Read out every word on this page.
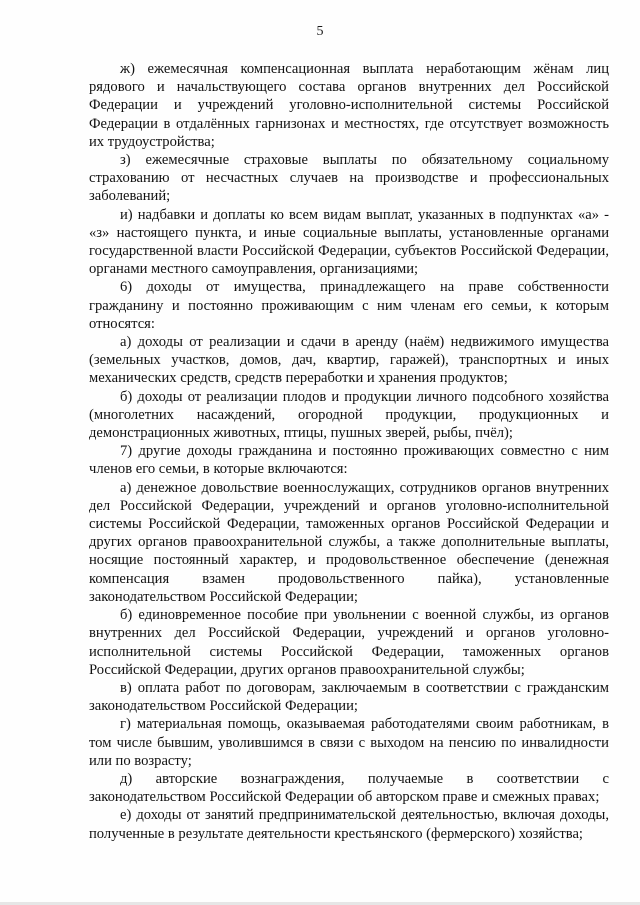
5

ж) ежемесячная компенсационная выплата неработающим жёнам лиц рядового и начальствующего состава органов внутренних дел Российской Федерации и учреждений уголовно-исполнительной системы Российской Федерации в отдалённых гарнизонах и местностях, где отсутствует возможность их трудоустройства;

з) ежемесячные страховые выплаты по обязательному социальному страхованию от несчастных случаев на производстве и профессиональных заболеваний;

и) надбавки и доплаты ко всем видам выплат, указанных в подпунктах «а» - «з» настоящего пункта, и иные социальные выплаты, установленные органами государственной власти Российской Федерации, субъектов Российской Федерации, органами местного самоуправления, организациями;

6) доходы от имущества, принадлежащего на праве собственности гражданину и постоянно проживающим с ним членам его семьи, к которым относятся:

а) доходы от реализации и сдачи в аренду (наём) недвижимого имущества (земельных участков, домов, дач, квартир, гаражей), транспортных и иных механических средств, средств переработки и хранения продуктов;

б) доходы от реализации плодов и продукции личного подсобного хозяйства (многолетних насаждений, огородной продукции, продукционных и демонстрационных животных, птицы, пушных зверей, рыбы, пчёл);

7) другие доходы гражданина и постоянно проживающих совместно с ним членов его семьи, в которые включаются:

а) денежное довольствие военнослужащих, сотрудников органов внутренних дел Российской Федерации, учреждений и органов уголовно-исполнительной системы Российской Федерации, таможенных органов Российской Федерации и других органов правоохранительной службы, а также дополнительные выплаты, носящие постоянный характер, и продовольственное обеспечение (денежная компенсация взамен продовольственного пайка), установленные законодательством Российской Федерации;

б) единовременное пособие при увольнении с военной службы, из органов внутренних дел Российской Федерации, учреждений и органов уголовно-исполнительной системы Российской Федерации, таможенных органов Российской Федерации, других органов правоохранительной службы;

в) оплата работ по договорам, заключаемым в соответствии с гражданским законодательством Российской Федерации;

г) материальная помощь, оказываемая работодателями своим работникам, в том числе бывшим, уволившимся в связи с выходом на пенсию по инвалидности или по возрасту;

д) авторские вознаграждения, получаемые в соответствии с законодательством Российской Федерации об авторском праве и смежных правах;

е) доходы от занятий предпринимательской деятельностью, включая доходы, полученные в результате деятельности крестьянского (фермерского) хозяйства;
